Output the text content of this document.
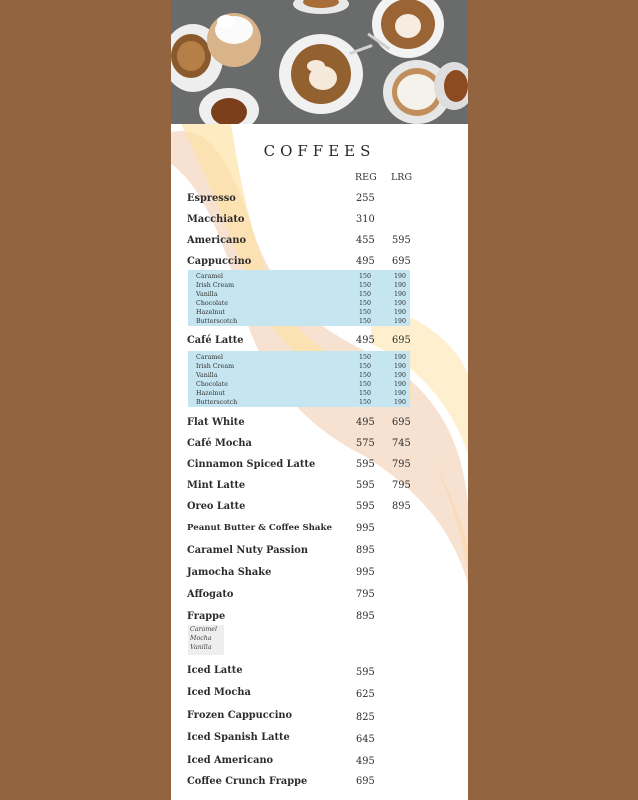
COFFEES
REG LRG
Espresso	255
Macchiato	310
Americano	455 595
Cappuccino	495 695
Caramel	150	190
Irish Cream	150	190
Vanilla	150	190
Chocolate	150	190
Hazelnut	150	190
Butterscotch	150	190
Café Latte	495 695
Caramel	150	190
Irish Cream	150	190
Vanilla	150	190
Chocolate	150	190
Hazelnut	150	190
Butterscotch	150	190
Flat White	495 695
Café Mocha	575 745
Cinnamon Spiced Latte	595 795
Mint Latte	595 795
Oreo Latte	595 895
Peanut Butter & Coffee Shake 995
Caramel Nuty Passion	895
Jamocha Shake	995
Affogato	795
Frappe	895
Caramel
Mocha
Vanilla
Iced Latte	595
Iced Mocha	625
Frozen Cappuccino	825
Iced Spanish Latte	645
Iced Americano	495
Coffee Crunch Frappe	695
